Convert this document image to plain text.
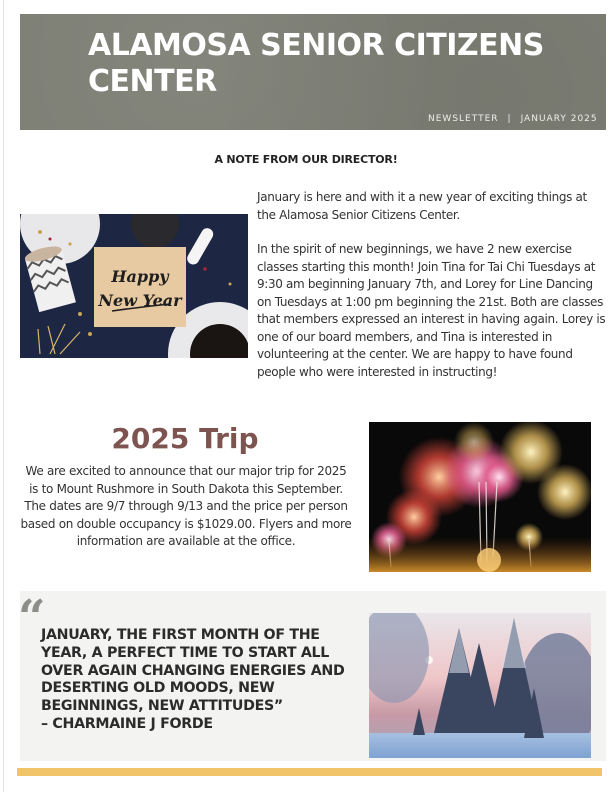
ALAMOSA SENIOR CITIZENS CENTER
NEWSLETTER | JANUARY 2025
A NOTE FROM OUR DIRECTOR!
Happy
New Year

January is here and with it a new year of exciting things at the Alamosa Senior Citizens Center.

In the spirit of new beginnings, we have 2 new exercise classes starting this month! Join Tina for Tai Chi Tuesdays at 9:30 am beginning January 7th, and Lorey for Line Dancing on Tuesdays at 1:00 pm beginning the 21st. Both are classes that members expressed an interest in having again. Lorey is one of our board members, and Tina is interested in volunteering at the center. We are happy to have found people who were interested in instructing!

2025 Trip

We are excited to announce that our major trip for 2025 is to Mount Rushmore in South Dakota this September. The dates are 9/7 through 9/13 and the price per person based on double occupancy is $1029.00. Flyers and more information are available at the office.

“

JANUARY, THE FIRST MONTH OF THE YEAR, A PERFECT TIME TO START ALL OVER AGAIN CHANGING ENERGIES AND DESERTING OLD MOODS, NEW BEGINNINGS, NEW ATTITUDES”
– CHARMAINE J FORDE
